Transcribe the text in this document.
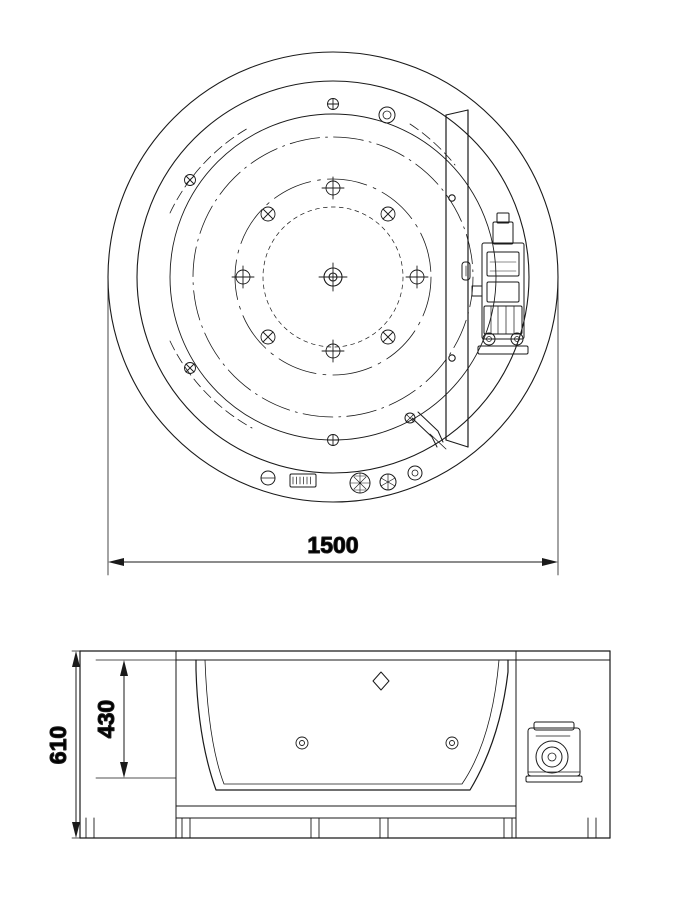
1500
610
430
